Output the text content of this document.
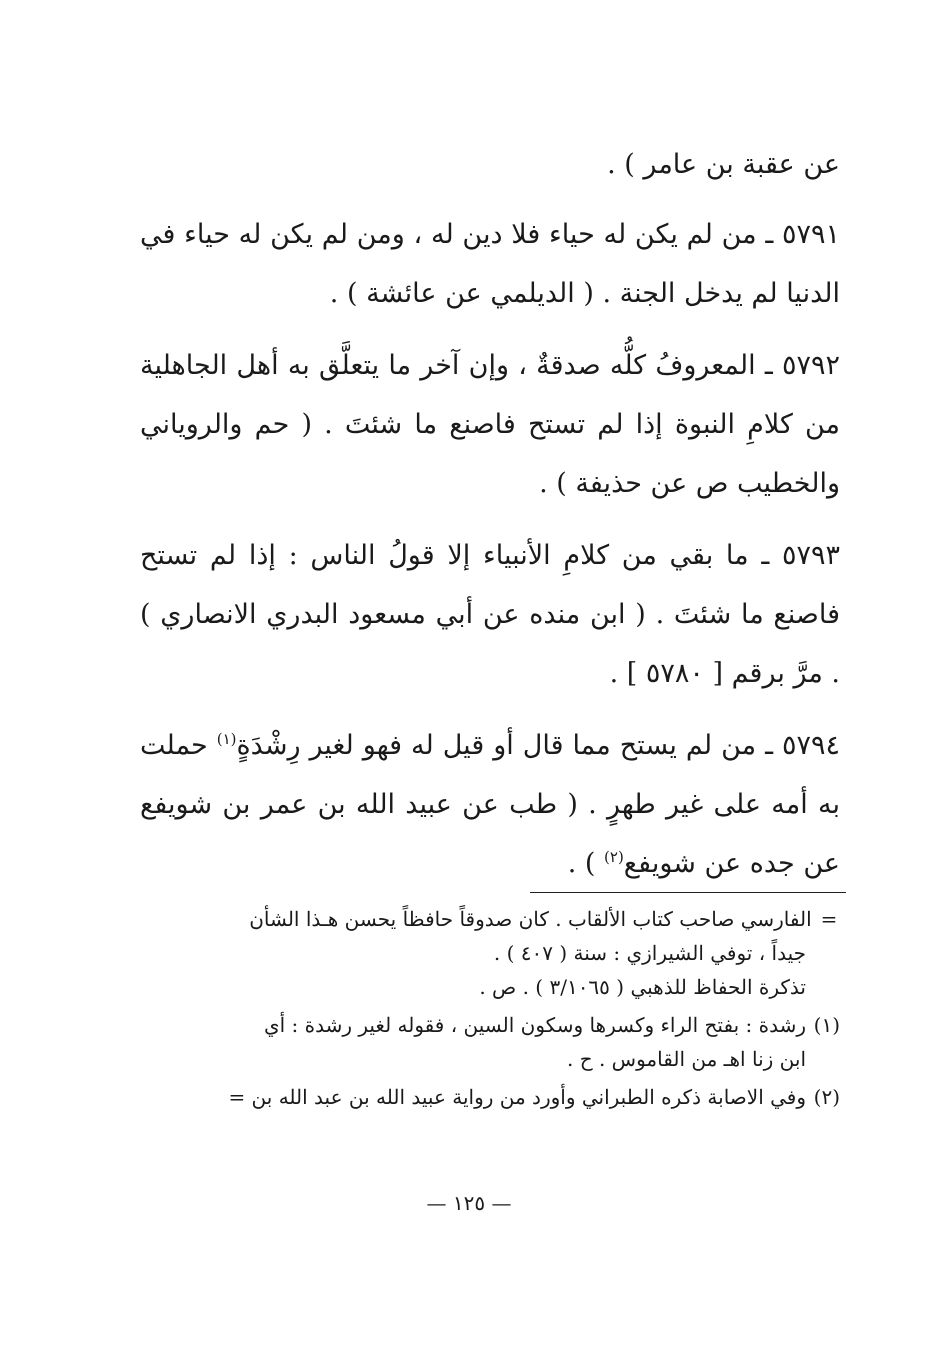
عن عقبة بن عامر ) .

٥٧٩١ ـ من لم يكن له حياء فلا دين له ، ومن لم يكن له حياء في الدنيا لم يدخل الجنة . ( الديلمي عن عائشة ) .

٥٧٩٢ ـ المعروفُ كلُّه صدقةٌ ، وإن آخر ما يتعلَّق به أهل الجاهلية من كلامِ النبوة إذا لم تستح فاصنع ما شئتَ . ( حم والروياني والخطيب ص عن حذيفة ) .

٥٧٩٣ ـ ما بقي من كلامِ الأنبياء إلا قولُ الناس : إذا لم تستح فاصنع ما شئتَ . ( ابن منده عن أبي مسعود البدري الانصاري ) . مرَّ برقم [ ٥٧٨٠ ] .

٥٧٩٤ ـ من لم يستح مما قال أو قيل له فهو لغير رِشْدَةٍ$^{(١)}$ حملت به أمه على غير طهرٍ . ( طب عن عبيد الله بن عمر بن شويفع عن جده عن شويفع$^{(٢)}$ ) .

= الفارسي صاحب كتاب الألقاب . كان صدوقاً حافظاً يحسن هـذا الشأن
جيداً ، توفي الشيرازي : سنة ( ٤٠٧ ) .
تذكرة الحفاظ للذهبي ( ٣/١٠٦٥ ) . ص .
(١)رشدة : بفتح الراء وكسرها وسكون السين ، فقوله لغير رشدة : أي
ابن زنا اهـ من القاموس . ح .
(٢)وفي الاصابة ذكره الطبراني وأورد من رواية عبيد الله بن عبد الله بن =
— ١٢٥ —
